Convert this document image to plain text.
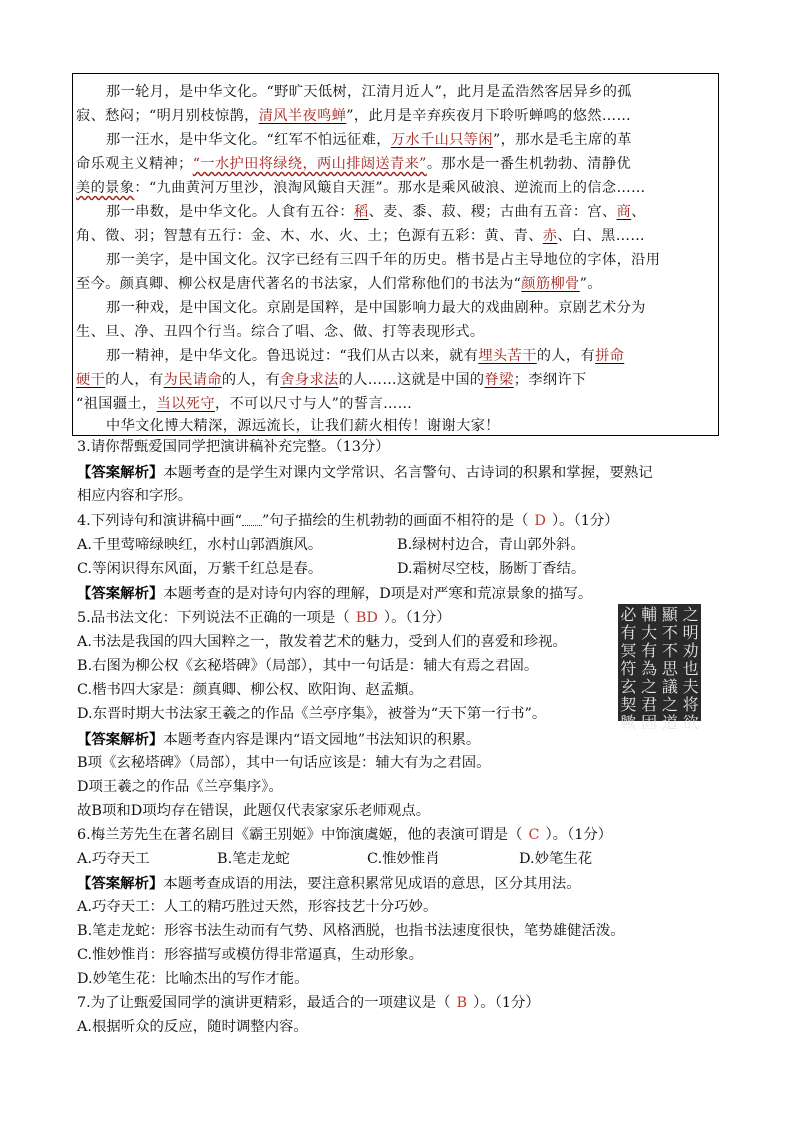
那一轮月，是中华文化。“野旷天低树，江清月近人”，此月是孟浩然客居异乡的孤
寂、愁闷；“明月别枝惊鹊，清风半夜鸣蝉”，此月是辛弃疾夜月下聆听蝉鸣的悠然……
那一汪水，是中华文化。“红军不怕远征难，万水千山只等闲”，那水是毛主席的革
命乐观主义精神；“一水护田将绿绕，两山排闼送青来”。那水是一番生机勃勃、清静优
美的景象：“九曲黄河万里沙，浪淘风簸自天涯”。那水是乘风破浪、逆流而上的信念……
那一串数，是中华文化。人食有五谷：稻、麦、黍、菽、稷；古曲有五音：宫、商、
角、徵、羽；智慧有五行：金、木、水、火、土；色源有五彩：黄、青、赤、白、黑……
那一美字，是中国文化。汉字已经有三四千年的历史。楷书是占主导地位的字体，沿用
至今。颜真卿、柳公权是唐代著名的书法家，人们常称他们的书法为“颜筋柳骨”。
那一种戏，是中国文化。京剧是国粹，是中国影响力最大的戏曲剧种。京剧艺术分为
生、旦、净、丑四个行当。综合了唱、念、做、打等表现形式。
那一精神，是中华文化。鲁迅说过：“我们从古以来，就有埋头苦干的人，有拼命
硬干的人，有为民请命的人，有舍身求法的人……这就是中国的脊梁；李纲许下
“祖国疆土，当以死守，不可以尺寸与人”的誓言……
中华文化博大精深，源远流长，让我们薪火相传！谢谢大家！
3.请你帮甄爱国同学把演讲稿补充完整。（13分）
【答案解析】本题考查的是学生对课内文学常识、名言警句、古诗词的积累和掌握，要熟记
相应内容和字形。
4.下列诗句和演讲稿中画“ ”句子描绘的生机勃勃的画面不相符的是（ D ）。（1分）
A.千里莺啼绿映红，水村山郭酒旗风。	B.绿树村边合，青山郭外斜。
C.等闲识得东风面，万紫千红总是春。	D.霜树尽空枝，肠断丁香结。
【答案解析】本题考查的是对诗句内容的理解，D项是对严寒和荒凉景象的描写。
5.品书法文化：下列说法不正确的一项是（ BD ）。（1分）
A.书法是我国的四大国粹之一，散发着艺术的魅力，受到人们的喜爱和珍视。
B.右图为柳公权《玄秘塔碑》（局部），其中一句话是：辅大有焉之君固。
C.楷书四大家是：颜真卿、柳公权、欧阳询、赵孟頫。
D.东晋时期大书法家王羲之的作品《兰亭序集》，被誉为“天下第一行书”。
之
明
劝
也
夫
将
欲
顯
不
不
思
議
之
道
輔
大
有
為
之
君
固
必
有
冥
符
玄
契
歟
【答案解析】本题考查内容是课内“语文园地”书法知识的积累。
B项《玄秘塔碑》（局部），其中一句话应该是：辅大有为之君固。
D项王羲之的作品《兰亭集序》。
故B项和D项均存在错误，此题仅代表家家乐老师观点。
6.梅兰芳先生在著名剧目《霸王别姬》中饰演虞姬，他的表演可谓是（ C ）。（1分）
A.巧夺天工	B.笔走龙蛇	C.惟妙惟肖	D.妙笔生花
【答案解析】本题考查成语的用法，要注意积累常见成语的意思，区分其用法。
A.巧夺天工：人工的精巧胜过天然，形容技艺十分巧妙。
B.笔走龙蛇：形容书法生动而有气势、风格洒脱，也指书法速度很快，笔势雄健活泼。
C.惟妙惟肖：形容描写或模仿得非常逼真，生动形象。
D.妙笔生花：比喻杰出的写作才能。
7.为了让甄爱国同学的演讲更精彩，最适合的一项建议是（ B ）。（1分）
A.根据听众的反应，随时调整内容。
